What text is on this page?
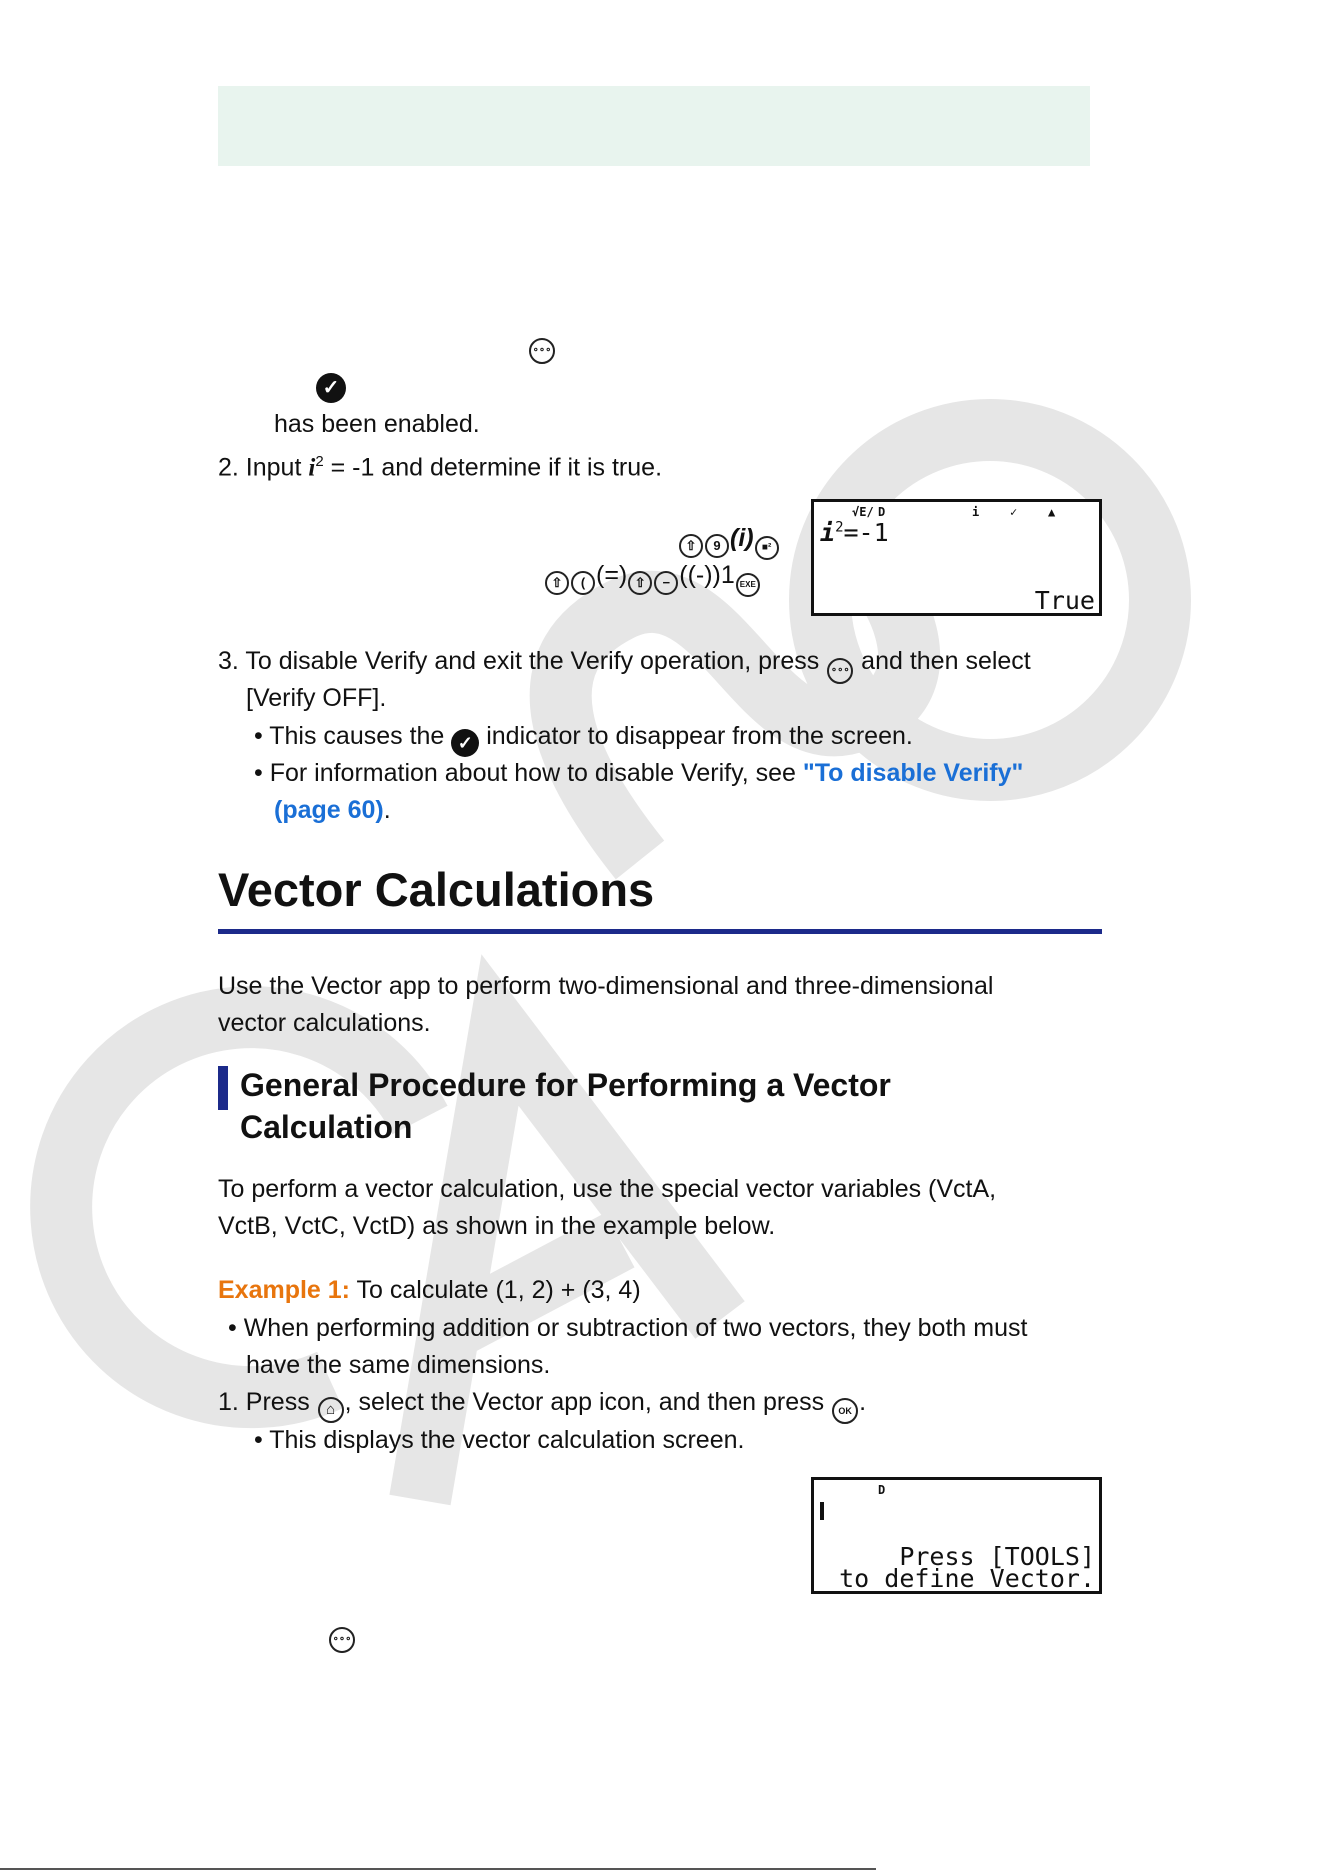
∘∘∘
✓
has been enabled.
2. Input $i^2 = -1$ and determine if it is true.
⇧ 9 (i) ■²
⇧ ( (=) ⇧ − ((-))1 EXE
√E/ D	i	✓	▲
$i^2=-1$
True
3. To disable Verify and exit the Verify operation, press ∘∘∘ and then select
[Verify OFF].
• This causes the ✓ indicator to disappear from the screen.
• For information about how to disable Verify, see "To disable Verify"
(page 60).
Vector Calculations
Use the Vector app to perform two-dimensional and three-dimensional
vector calculations.
General Procedure for Performing a Vector
Calculation
To perform a vector calculation, use the special vector variables (VctA,
VctB, VctC, VctD) as shown in the example below.
Example 1: To calculate (1, 2) + (3, 4)
• When performing addition or subtraction of two vectors, they both must
have the same dimensions.
1. Press ⌂ , select the Vector app icon, and then press OK .
• This displays the vector calculation screen.
D
Press [TOOLS]
to define Vector.
∘∘∘
